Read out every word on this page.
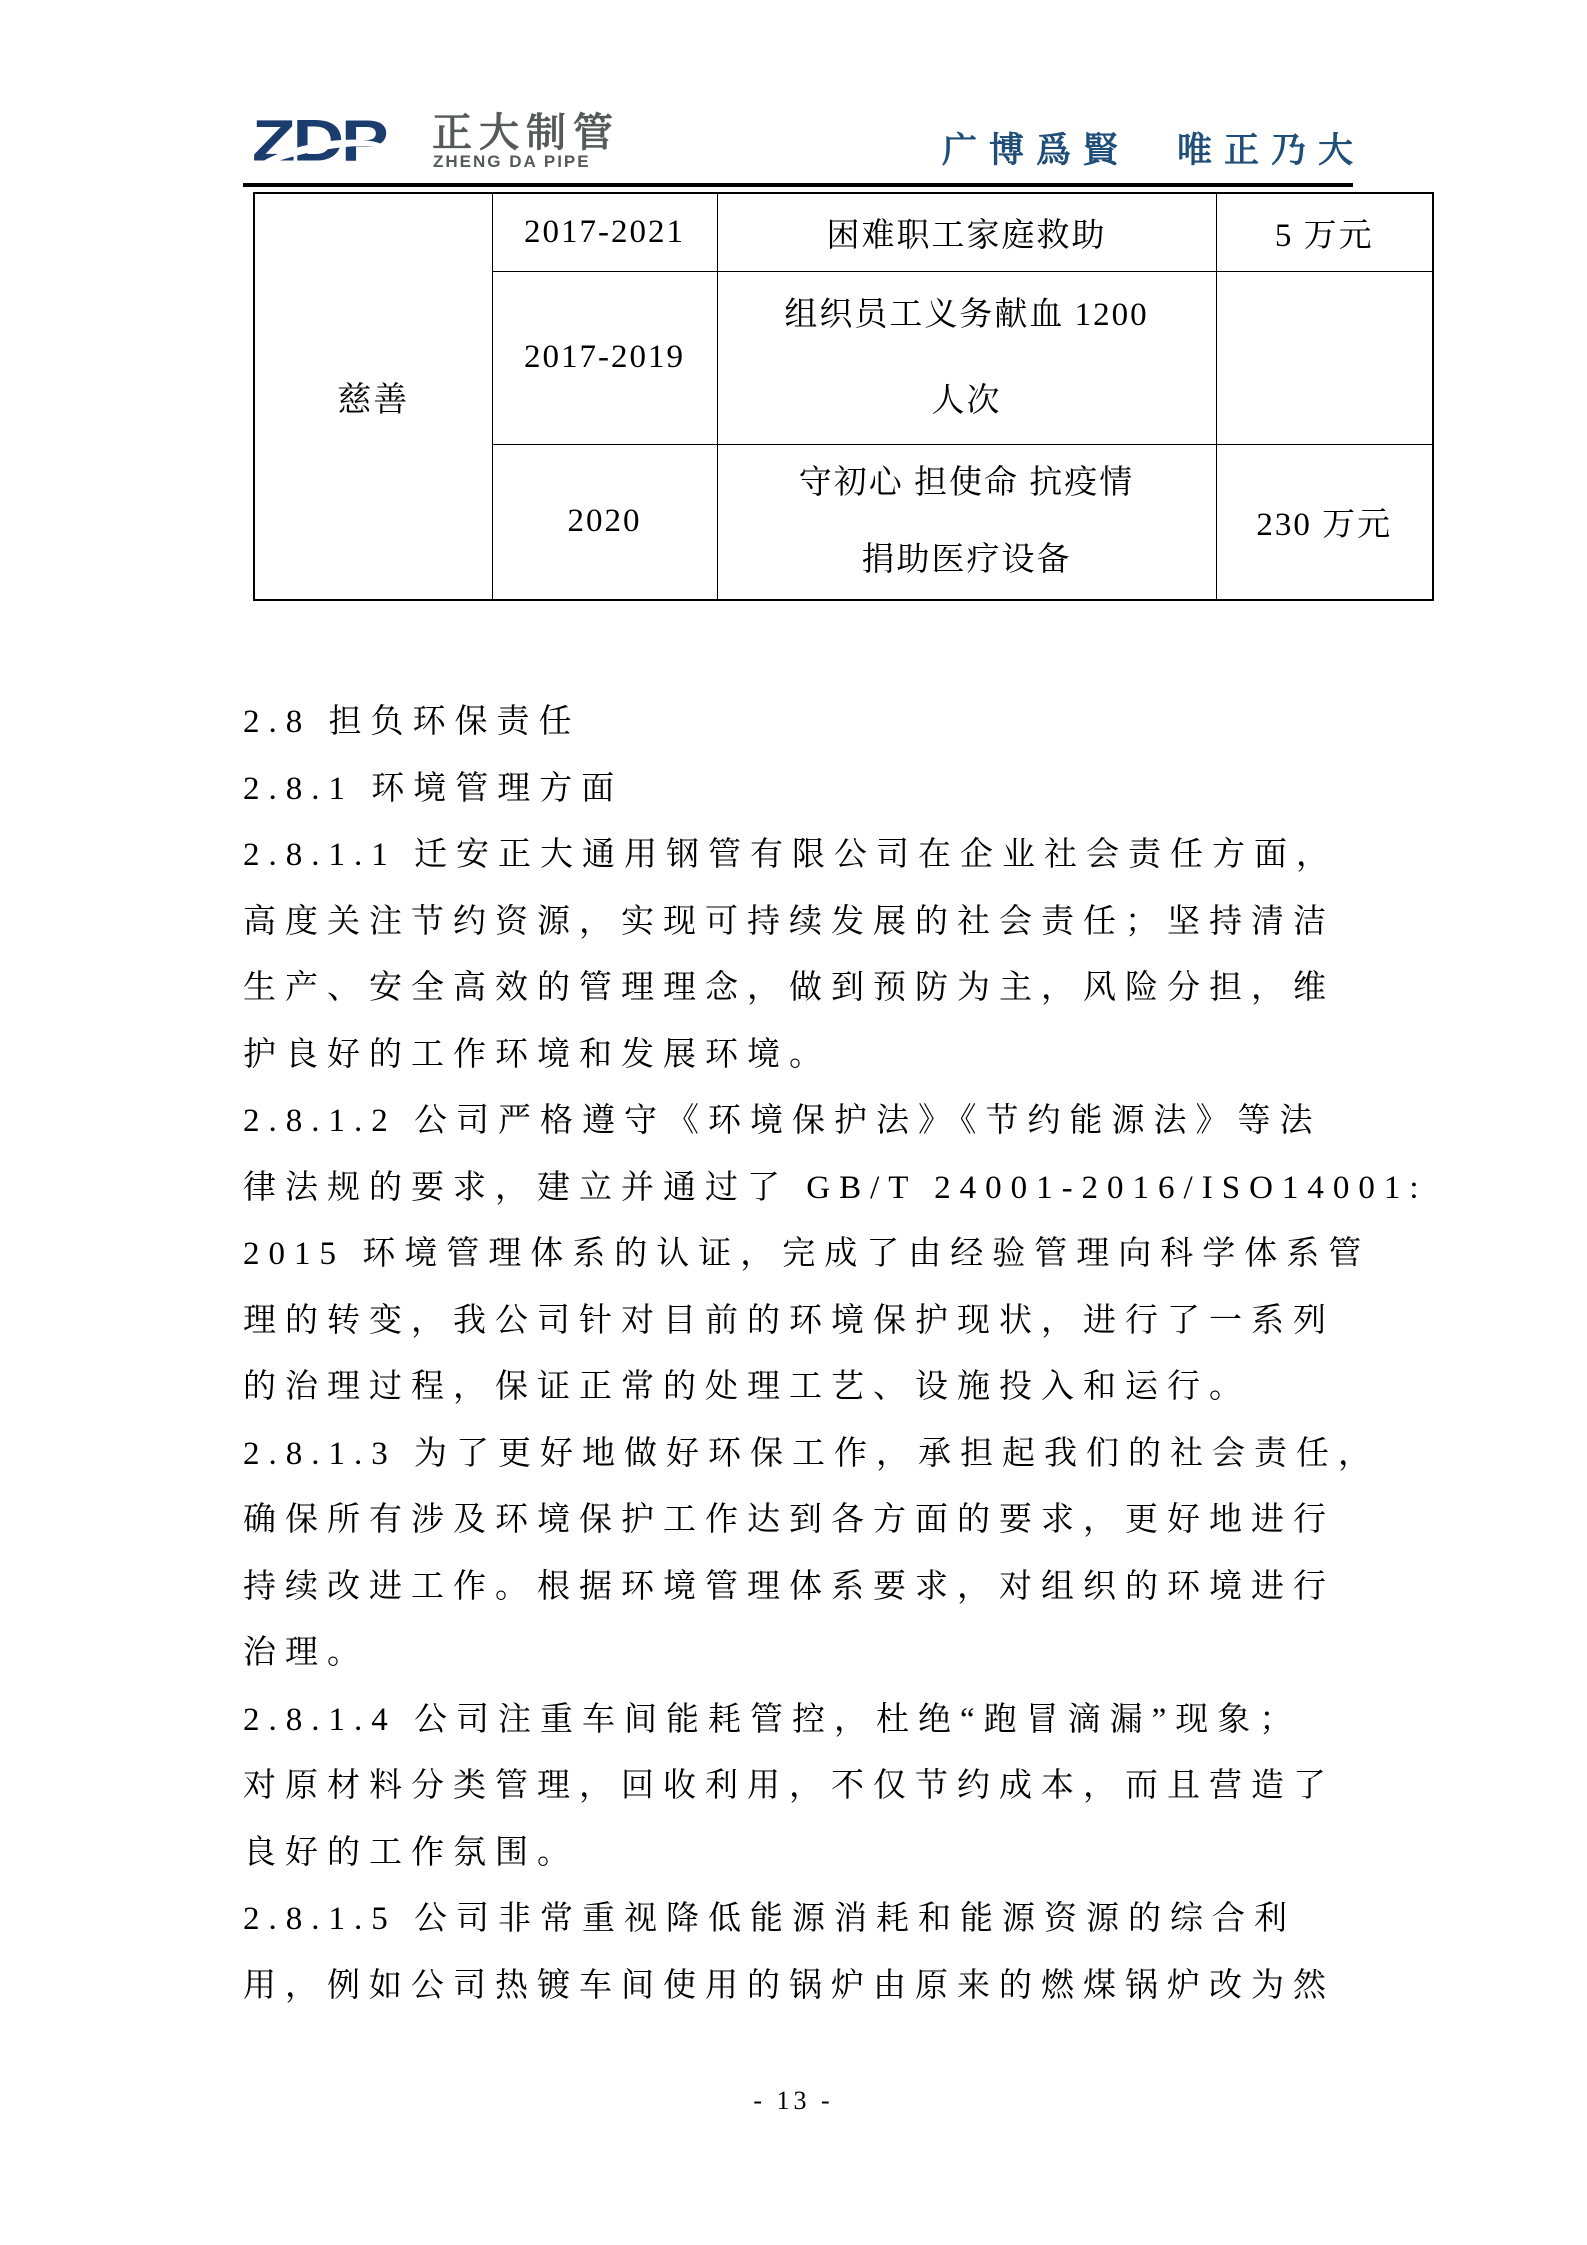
ZDP	正大制管
ZHENG DA PIPE	广博爲賢　唯正乃大
慈善	2017-2021	困难职工家庭救助	5 万元
	2017-2019	组织员工义务献血 1200
人次	

	2020	守初心 担使命 抗疫情
捐助医疗设备	230 万元
2.8 担负环保责任
2.8.1 环境管理方面
2.8.1.1 迁安正大通用钢管有限公司在企业社会责任方面，
高度关注节约资源，实现可持续发展的社会责任；坚持清洁
生产、安全高效的管理理念，做到预防为主，风险分担，维
护良好的工作环境和发展环境。
2.8.1.2 公司严格遵守《环境保护法》《节约能源法》等法
律法规的要求，建立并通过了 GB/T 24001-2016/ISO14001:
2015 环境管理体系的认证，完成了由经验管理向科学体系管
理的转变，我公司针对目前的环境保护现状，进行了一系列
的治理过程，保证正常的处理工艺、设施投入和运行。
2.8.1.3 为了更好地做好环保工作，承担起我们的社会责任，
确保所有涉及环境保护工作达到各方面的要求，更好地进行
持续改进工作。根据环境管理体系要求，对组织的环境进行
治理。
2.8.1.4 公司注重车间能耗管控，杜绝“跑冒滴漏”现象；
对原材料分类管理，回收利用，不仅节约成本，而且营造了
良好的工作氛围。
2.8.1.5 公司非常重视降低能源消耗和能源资源的综合利
用，例如公司热镀车间使用的锅炉由原来的燃煤锅炉改为然
- 13 -
